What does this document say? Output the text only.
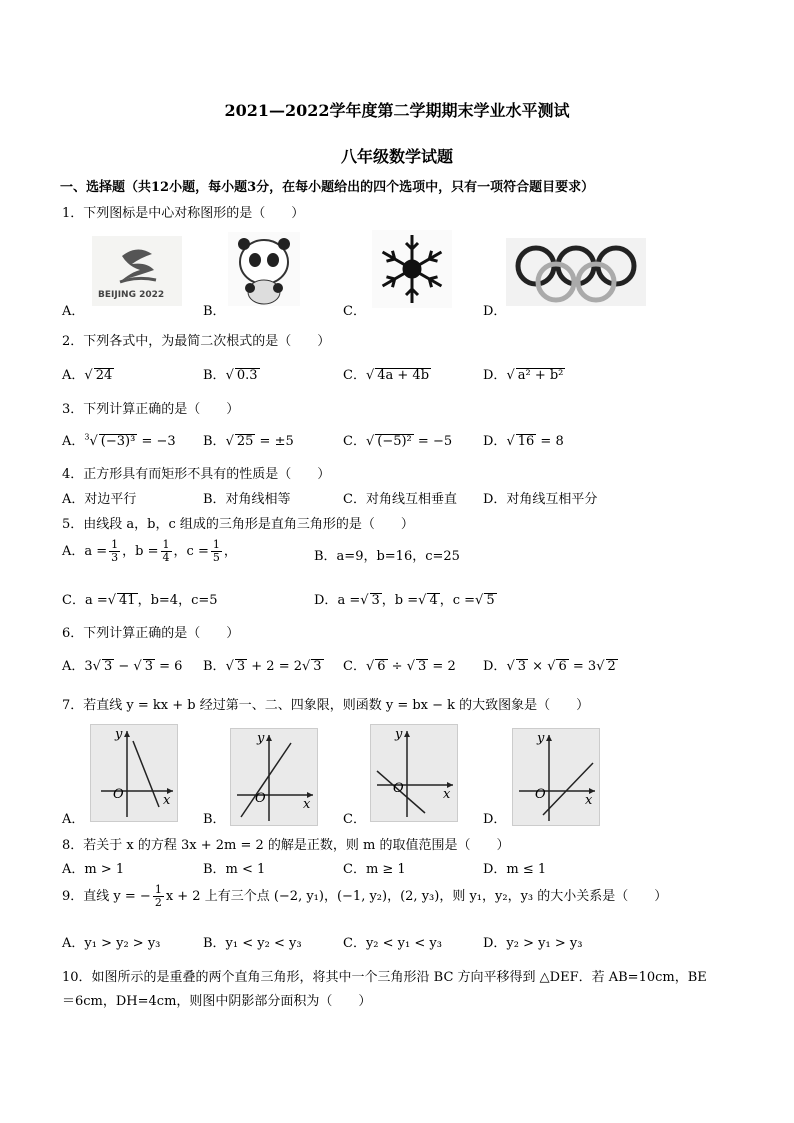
2021—2022学年度第二学期期末学业水平测试
八年级数学试题
一、选择题（共12小题，每小题3分，在每小题给出的四个选项中，只有一项符合题目要求）
1．下列图标是中心对称图形的是（　　）
A．	B．	C．	D．
BEIJING 2022
2．下列各式中，为最简二次根式的是（　　）
A．√ 24	B．√ 0.3	C．√ 4a + 4b	D．√ a² + b²
3．下列计算正确的是（　　）
A．$^3$√ (−3)³ = −3 B．√ 25 = ±5	C．√ (−5)² = −5 D．√ 16 = 8
4．正方形具有而矩形不具有的性质是（　　）
A．对边平行	B．对角线相等	C．对角线互相垂直 D．对角线互相平分
5．由线段 a，b，c 组成的三角形是直角三角形的是（　　）
A．$a = \frac{1}{3}$ ，$b = \frac{1}{4}$ ，$c = \frac{1}{5}$ ，	B．a=9，b=16，c=25
C．a =√ 41 ，b=4，c=5	D．a =√ 3 ，b =√ 4 ，c =√ 5
6．下列计算正确的是（　　）
A．3√ 3 − √ 3 = 6 B．√ 3 + 2 = 2√ 3 C．√ 6 ÷ √ 3 = 2 D．√ 3 × √ 6 = 3√ 2
7．若直线 y = kx + b 经过第一、二、四象限，则函数 y = bx − k 的大致图象是（　　）
A．	B．	C．	D．
y
x
O
y
x
O
y
x
O
y
x
O
8．若关于 x 的方程 3x + 2m = 2 的解是正数，则 m 的取值范围是（　　）
A．m > 1	B．m < 1	C．m ≥ 1	D．m ≤ 1
9．直线 y = − $\frac{1}{2}$ x + 2 上有三个点 (−2, y₁)，(−1, y₂)，(2, y₃)，则 y₁，y₂，y₃ 的大小关系是（　　）
A．y₁ > y₂ > y₃	B．y₁ < y₂ < y₃	C．y₂ < y₁ < y₃	D．y₂ > y₁ > y₃
10．如图所示的是重叠的两个直角三角形，将其中一个三角形沿 BC 方向平移得到 △DEF．若 AB=10cm，BE
＝6cm，DH=4cm，则图中阴影部分面积为（　　）
